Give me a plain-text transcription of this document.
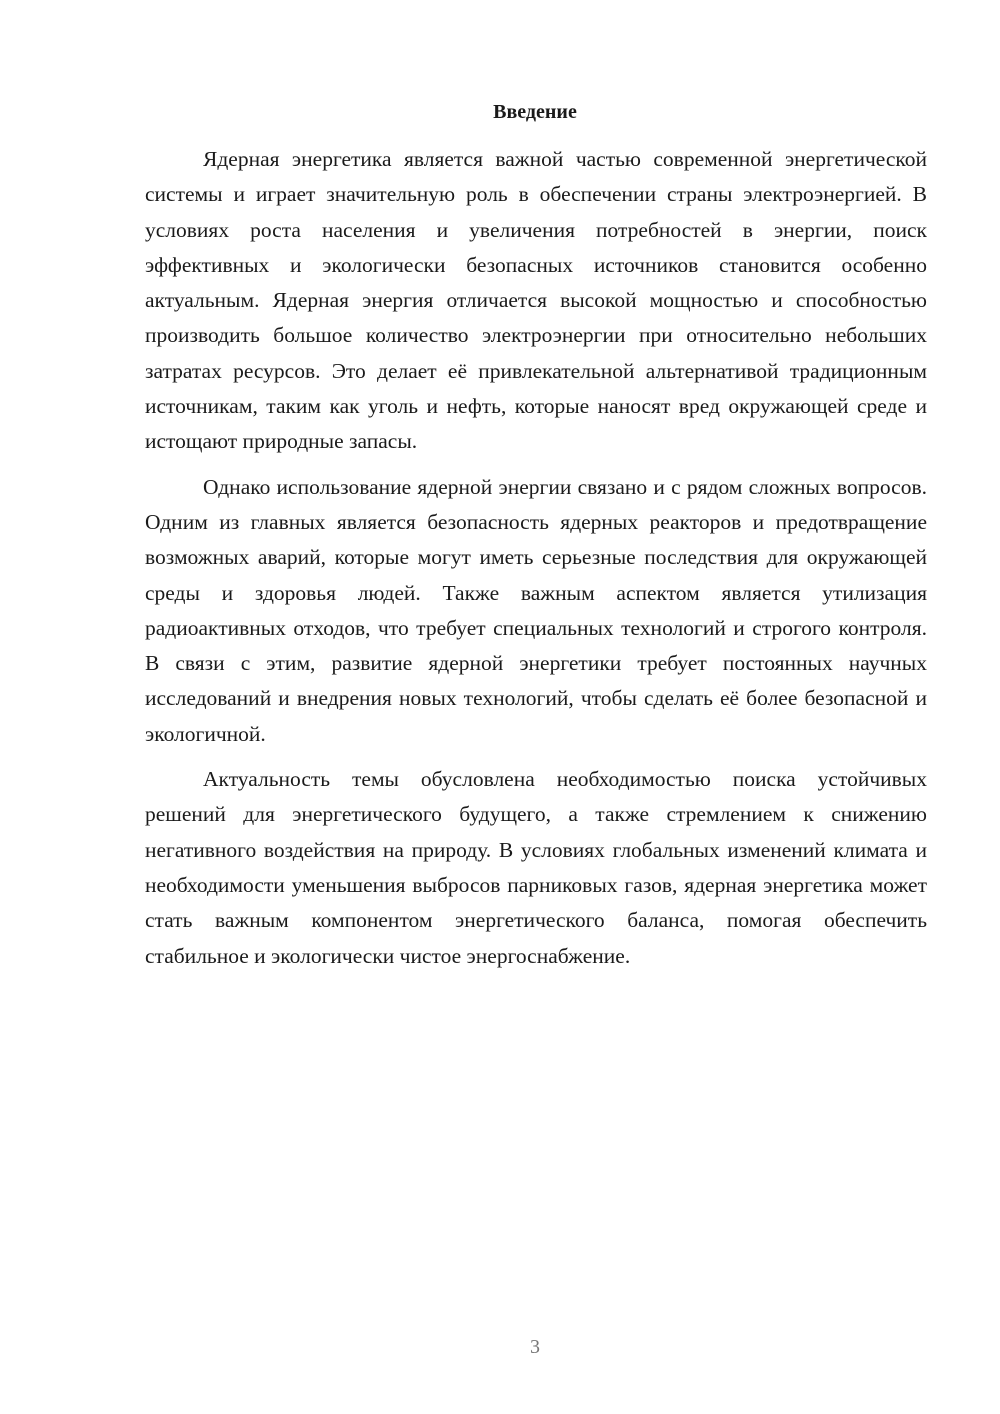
Введение

Ядерная энергетика является важной частью современной энергетической системы и играет значительную роль в обеспечении страны электроэнергией. В условиях роста населения и увеличения потребностей в энергии, поиск эффективных и экологически безопасных источников становится особенно актуальным. Ядерная энергия отличается высокой мощностью и способностью производить большое количество электроэнергии при относительно небольших затратах ресурсов. Это делает её привлекательной альтернативой традиционным источникам, таким как уголь и нефть, которые наносят вред окружающей среде и истощают природные запасы.

Однако использование ядерной энергии связано и с рядом сложных вопросов. Одним из главных является безопасность ядерных реакторов и предотвращение возможных аварий, которые могут иметь серьезные последствия для окружающей среды и здоровья людей. Также важным аспектом является утилизация радиоактивных отходов, что требует специальных технологий и строгого контроля. В связи с этим, развитие ядерной энергетики требует постоянных научных исследований и внедрения новых технологий, чтобы сделать её более безопасной и экологичной.

Актуальность темы обусловлена необходимостью поиска устойчивых решений для энергетического будущего, а также стремлением к снижению негативного воздействия на природу. В условиях глобальных изменений климата и необходимости уменьшения выбросов парниковых газов, ядерная энергетика может стать важным компонентом энергетического баланса, помогая обеспечить стабильное и экологически чистое энергоснабжение.

3
